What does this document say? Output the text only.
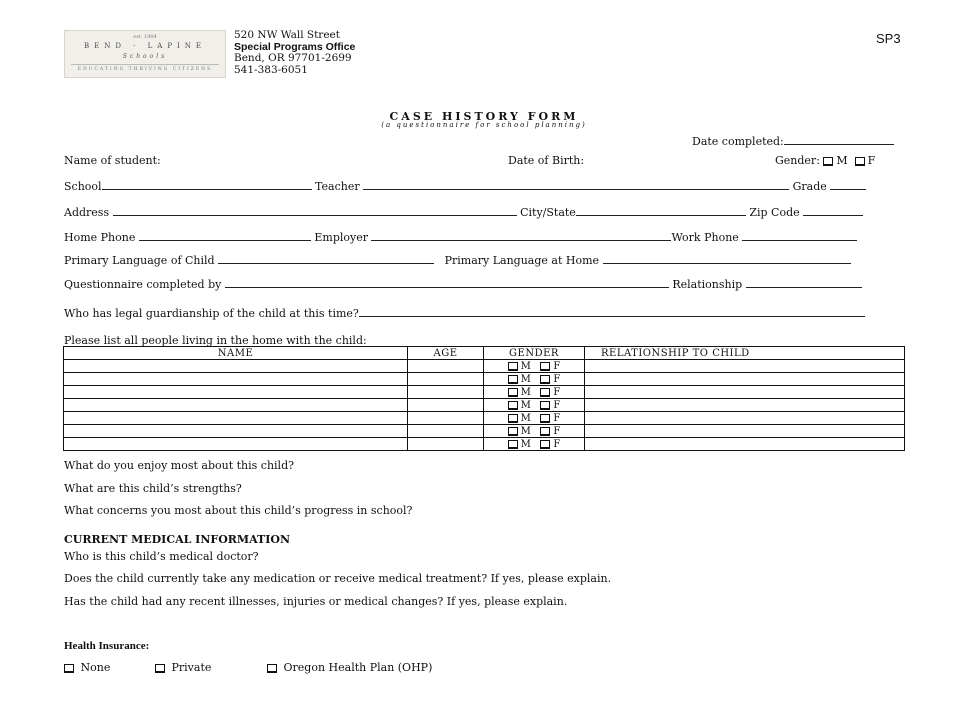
est. 1904
BEND · LAPINE
Schools
EDUCATING THRIVING CITIZENS
520 NW Wall Street
Special Programs Office
Bend, OR 97701-2699
541-383-6051
SP3
CASE HISTORY FORM
(a questionnaire for school planning)
Date completed:
Name of student:	Date of Birth:	Gender: M F
School	Teacher	Grade
Address	City/State	Zip Code
Home Phone	Employer	Work Phone
Primary Language of Child	Primary Language at Home
Questionnaire completed by	Relationship
Who has legal guardianship of the child at this time?
Please list all people living in the home with the child:
NAME	AGE	GENDER	RELATIONSHIP TO CHILD
		M F	
		M F	
		M F	
		M F	
		M F	
		M F	
		M F	
What do you enjoy most about this child?
What are this child’s strengths?
What concerns you most about this child’s progress in school?
CURRENT MEDICAL INFORMATION
Who is this child’s medical doctor?
Does the child currently take any medication or receive medical treatment? If yes, please explain.
Has the child had any recent illnesses, injuries or medical changes? If yes, please explain.
Health Insurance:
None	Private	Oregon Health Plan (OHP)
